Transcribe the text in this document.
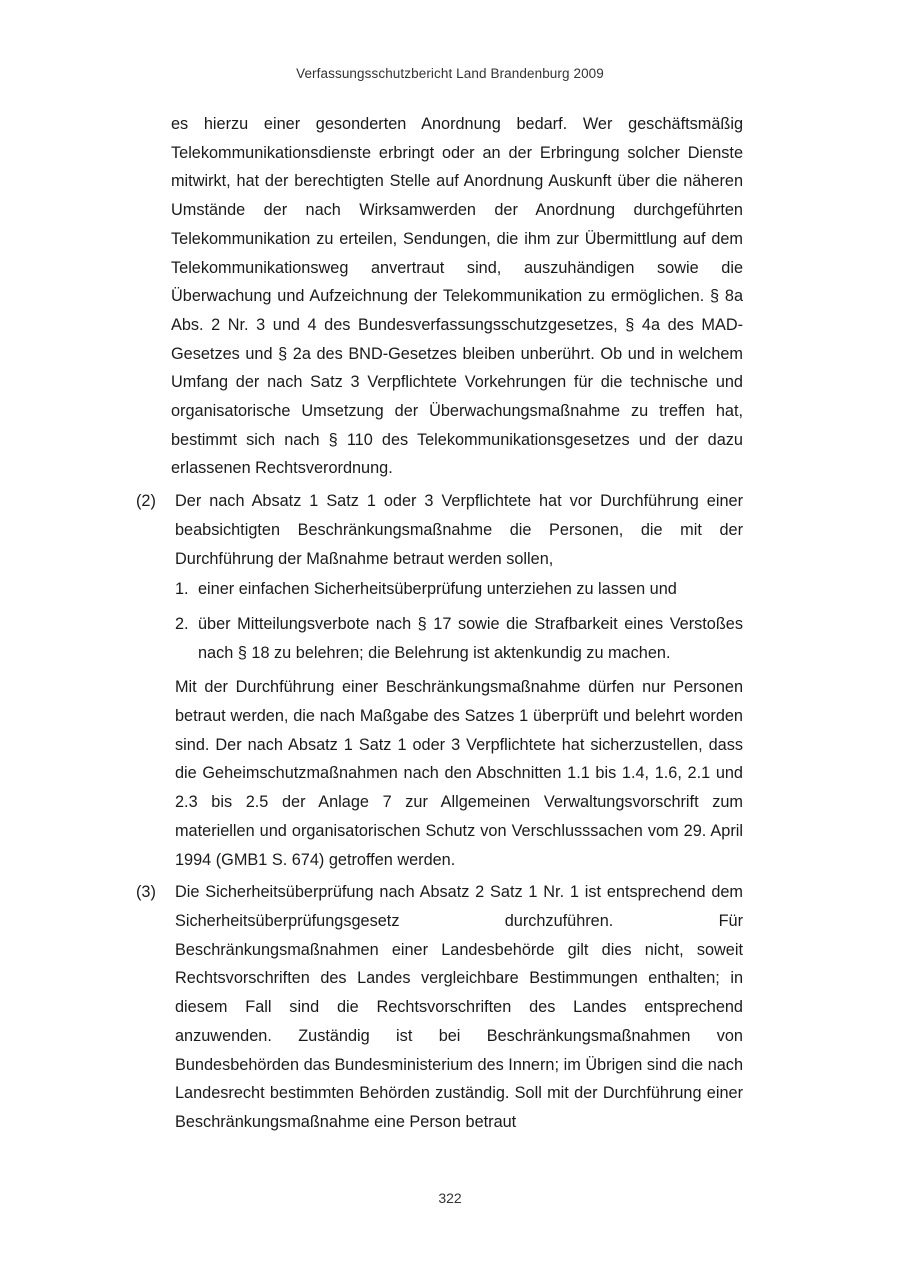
Verfassungsschutzbericht Land Brandenburg 2009

es hierzu einer gesonderten Anordnung bedarf. Wer geschäftsmäßig Telekommunikationsdienste erbringt oder an der Erbringung solcher Dienste mitwirkt, hat der berechtigten Stelle auf Anordnung Auskunft über die näheren Umstände der nach Wirksamwerden der Anordnung durchgeführten Telekommunikation zu erteilen, Sendungen, die ihm zur Übermittlung auf dem Telekommunikationsweg anvertraut sind, auszuhändigen sowie die Überwachung und Aufzeichnung der Telekommunikation zu ermöglichen. § 8a Abs. 2 Nr. 3 und 4 des Bundesverfassungsschutzgesetzes, § 4a des MAD-Gesetzes und § 2a des BND-Gesetzes bleiben unberührt. Ob und in welchem Umfang der nach Satz 3 Verpflichtete Vorkehrungen für die technische und organisatorische Umsetzung der Überwachungsmaßnahme zu treffen hat, bestimmt sich nach § 110 des Telekommunikationsgesetzes und der dazu erlassenen Rechtsverordnung.

(2)	Der nach Absatz 1 Satz 1 oder 3 Verpflichtete hat vor Durchführung einer beabsichtigten Beschränkungsmaßnahme die Personen, die mit der Durchführung der Maßnahme betraut werden sollen,

1. einer einfachen Sicherheitsüberprüfung unterziehen zu lassen und
2. über Mitteilungsverbote nach § 17 sowie die Strafbarkeit eines Verstoßes nach § 18 zu belehren; die Belehrung ist aktenkundig zu machen.

Mit der Durchführung einer Beschränkungsmaßnahme dürfen nur Personen betraut werden, die nach Maßgabe des Satzes 1 überprüft und belehrt worden sind. Der nach Absatz 1 Satz 1 oder 3 Verpflichtete hat sicherzustellen, dass die Geheimschutzmaßnahmen nach den Abschnitten 1.1 bis 1.4, 1.6, 2.1 und 2.3 bis 2.5 der Anlage 7 zur Allgemeinen Verwaltungsvorschrift zum materiellen und organisatorischen Schutz von Verschlusssachen vom 29. April 1994 (GMB1 S. 674) getroffen werden.

(3)	Die Sicherheitsüberprüfung nach Absatz 2 Satz 1 Nr. 1 ist entsprechend dem Sicherheitsüberprüfungsgesetz durchzuführen. Für Beschränkungsmaßnahmen einer Landesbehörde gilt dies nicht, soweit Rechtsvorschriften des Landes vergleichbare Bestimmungen enthalten; in diesem Fall sind die Rechtsvorschriften des Landes entsprechend anzuwenden. Zuständig ist bei Beschränkungsmaßnahmen von Bundesbehörden das Bundesministerium des Innern; im Übrigen sind die nach Landesrecht bestimmten Behörden zuständig. Soll mit der Durchführung einer Beschränkungsmaßnahme eine Person betraut

322
